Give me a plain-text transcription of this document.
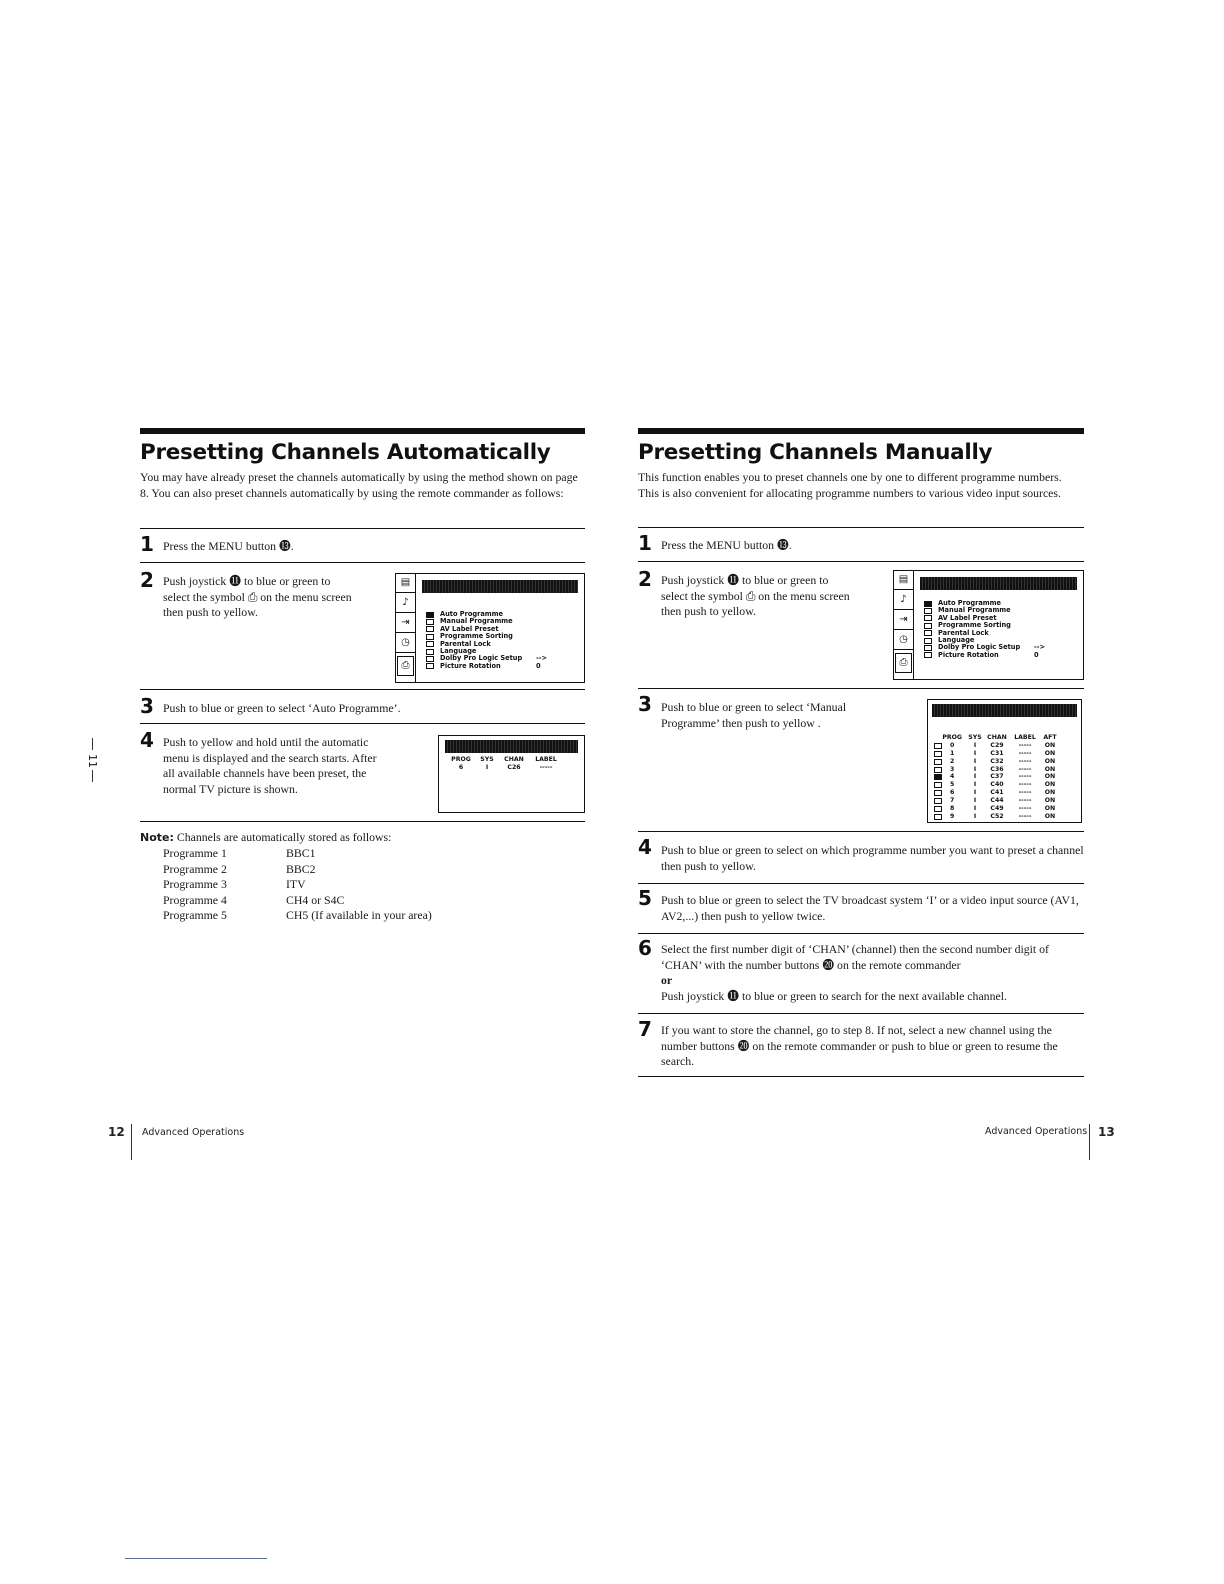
Presetting Channels Automatically

You may have already preset the channels automatically by using the method shown on page 8. You can also preset channels automatically by using the remote commander as follows:

1 Press the MENU button ⓭.
2 Push joystick ⓫ to blue or green to select the symbol ⎙ on the menu screen then push to yellow.
▤
♪
⇥
◷
⎙
Auto Programme
Manual Programme
AV Label Preset
Programme Sorting
Parental Lock
Language
Dolby Pro Logic Setup	-->
Picture Rotation	0
3 Push to blue or green to select ‘Auto Programme’.
4 Push to yellow and hold until the automatic menu is displayed and the search starts. After all available channels have been preset, the normal TV picture is shown.
PROG	SYS	CHAN	LABEL
6	I	C26	-----
Note: Channels are automatically stored as follows:
Programme 1	BBC1
Programme 2	BBC2
Programme 3	ITV
Programme 4	CH4 or S4C
Programme 5	CH5 (If available in your area)
Presetting Channels Manually

This function enables you to preset channels one by one to different programme numbers. This is also convenient for allocating programme numbers to various video input sources.

1 Press the MENU button ⓭.
2 Push joystick ⓫ to blue or green to select the symbol ⎙ on the menu screen then push to yellow.
▤
♪
⇥
◷
⎙
Auto Programme
Manual Programme
AV Label Preset
Programme Sorting
Parental Lock
Language
Dolby Pro Logic Setup	-->
Picture Rotation	0
3 Push to blue or green to select ‘Manual Programme’ then push to yellow .
PROG	SYS CHAN	LABEL	AFT
0	I	C29	-----	ON
1	I	C31	-----	ON
2	I	C32	-----	ON
3	I	C36	-----	ON
4	I	C37	-----	ON
5	I	C40	-----	ON
6	I	C41	-----	ON
7	I	C44	-----	ON
8	I	C49	-----	ON
9	I	C52	-----	ON
4 Push to blue or green to select on which programme number you want to preset a channel then push to yellow.
5 Push to blue or green to select the TV broadcast system ‘I’ or a video input source (AV1, AV2,...) then push to yellow twice.
6 Select the first number digit of ‘CHAN’ (channel) then the second number digit of ‘CHAN’ with the number buttons ⓴ on the remote commander
or
Push joystick ⓫ to blue or green to search for the next available channel.
7 If you want to store the channel, go to step 8. If not, select a new channel using the number buttons ⓴ on the remote commander or push to blue or green to resume the search.
11
12 Advanced Operations	Advanced Operations 13
